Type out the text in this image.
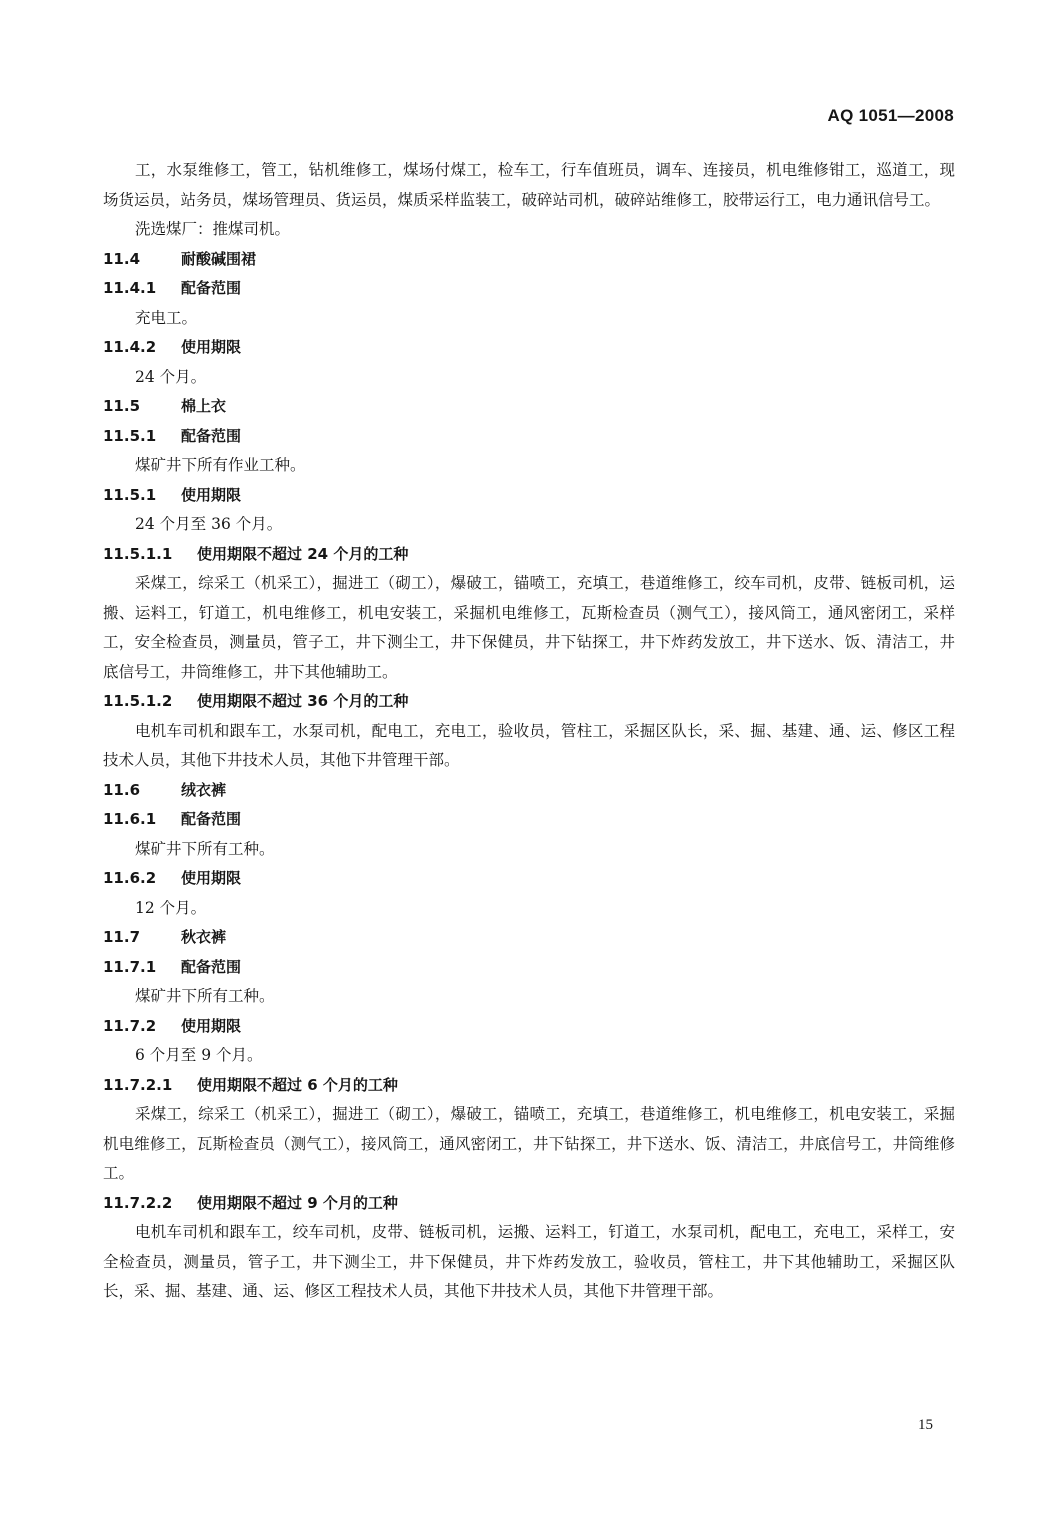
AQ 1051—2008

工，水泵维修工，管工，钻机维修工，煤场付煤工，检车工，行车值班员，调车、连接员，机电维修钳工，巡道工，现场货运员，站务员，煤场管理员、货运员，煤质采样监装工，破碎站司机，破碎站维修工，胶带运行工，电力通讯信号工。

洗选煤厂：推煤司机。

11.4	耐酸碱围裙

11.4.1 配备范围

充电工。

11.4.2 使用期限

24 个月。

11.5	棉上衣

11.5.1 配备范围

煤矿井下所有作业工种。

11.5.1 使用期限

24 个月至 36 个月。

11.5.1.1 使用期限不超过 24 个月的工种

采煤工，综采工（机采工），掘进工（砌工），爆破工，锚喷工，充填工，巷道维修工，绞车司机，皮带、链板司机，运搬、运料工，钉道工，机电维修工，机电安装工，采掘机电维修工，瓦斯检查员（测气工），接风筒工，通风密闭工，采样工，安全检查员，测量员，管子工，井下测尘工，井下保健员，井下钻探工，井下炸药发放工，井下送水、饭、清洁工，井底信号工，井筒维修工，井下其他辅助工。

11.5.1.2 使用期限不超过 36 个月的工种

电机车司机和跟车工，水泵司机，配电工，充电工，验收员，管柱工，采掘区队长，采、掘、基建、通、运、修区工程技术人员，其他下井技术人员，其他下井管理干部。

11.6	绒衣裤

11.6.1 配备范围

煤矿井下所有工种。

11.6.2 使用期限

12 个月。

11.7	秋衣裤

11.7.1 配备范围

煤矿井下所有工种。

11.7.2 使用期限

6 个月至 9 个月。

11.7.2.1 使用期限不超过 6 个月的工种

采煤工，综采工（机采工），掘进工（砌工），爆破工，锚喷工，充填工，巷道维修工，机电维修工，机电安装工，采掘机电维修工，瓦斯检查员（测气工），接风筒工，通风密闭工，井下钻探工，井下送水、饭、清洁工，井底信号工，井筒维修工。

11.7.2.2 使用期限不超过 9 个月的工种

电机车司机和跟车工，绞车司机，皮带、链板司机，运搬、运料工，钉道工，水泵司机，配电工，充电工，采样工，安全检查员，测量员，管子工，井下测尘工，井下保健员，井下炸药发放工，验收员，管柱工，井下其他辅助工，采掘区队长，采、掘、基建、通、运、修区工程技术人员，其他下井技术人员，其他下井管理干部。

15
